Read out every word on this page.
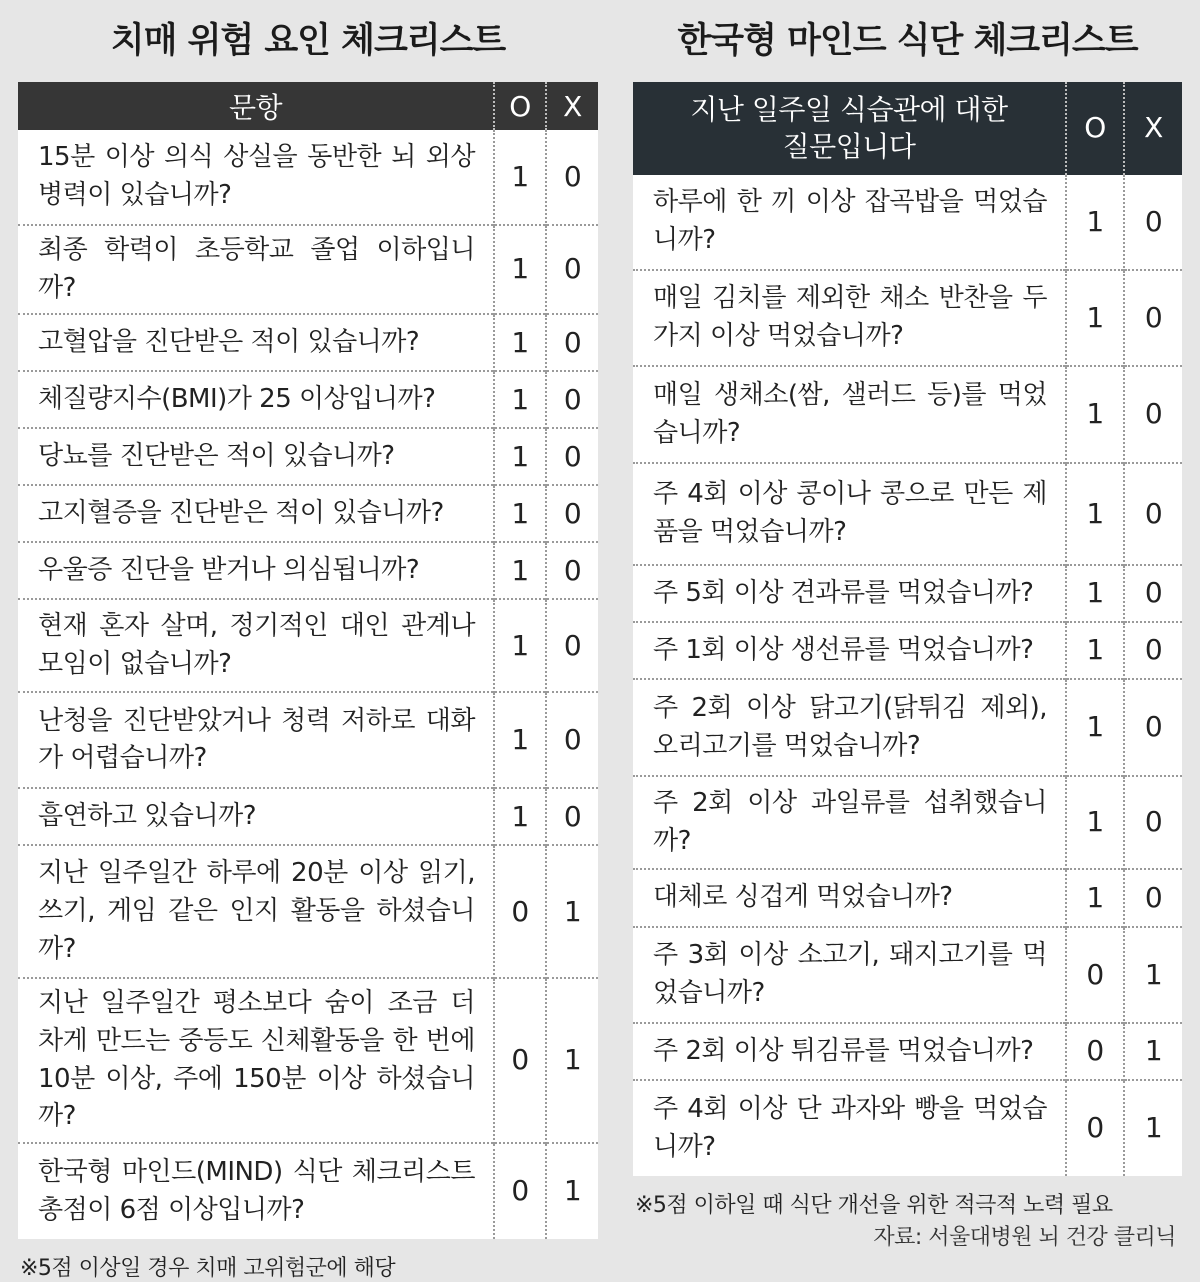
치매 위험 요인 체크리스트
문항	O	X
15분 이상 의식 상실을 동반한 뇌 외상 병력이 있습니까?	1	0
최종 학력이 초등학교 졸업 이하입니까?	1	0
고혈압을 진단받은 적이 있습니까?	1	0
체질량지수(BMI)가 25 이상입니까?	1	0
당뇨를 진단받은 적이 있습니까?	1	0
고지혈증을 진단받은 적이 있습니까?	1	0
우울증 진단을 받거나 의심됩니까?	1	0
현재 혼자 살며, 정기적인 대인 관계나 모임이 없습니까?	1	0
난청을 진단받았거나 청력 저하로 대화가 어렵습니까?	1	0
흡연하고 있습니까?	1	0
지난 일주일간 하루에 20분 이상 읽기, 쓰기, 게임 같은 인지 활동을 하셨습니까?	0	1
지난 일주일간 평소보다 숨이 조금 더 차게 만드는 중등도 신체활동을 한 번에 10분 이상, 주에 150분 이상 하셨습니까?	0	1
한국형 마인드(MIND) 식단 체크리스트 총점이 6점 이상입니까?	0	1
※5점 이상일 경우 치매 고위험군에 해당
한국형 마인드 식단 체크리스트
지난 일주일 식습관에 대한 질문입니다	O	X
하루에 한 끼 이상 잡곡밥을 먹었습니까?	1	0
매일 김치를 제외한 채소 반찬을 두 가지 이상 먹었습니까?	1	0
매일 생채소(쌈, 샐러드 등)를 먹었습니까?	1	0
주 4회 이상 콩이나 콩으로 만든 제품을 먹었습니까?	1	0
주 5회 이상 견과류를 먹었습니까?	1	0
주 1회 이상 생선류를 먹었습니까?	1	0
주 2회 이상 닭고기(닭튀김 제외), 오리고기를 먹었습니까?	1	0
주 2회 이상 과일류를 섭취했습니까?	1	0
대체로 싱겁게 먹었습니까?	1	0
주 3회 이상 소고기, 돼지고기를 먹었습니까?	0	1
주 2회 이상 튀김류를 먹었습니까?	0	1
주 4회 이상 단 과자와 빵을 먹었습니까?	0	1
※5점 이하일 때 식단 개선을 위한 적극적 노력 필요
자료: 서울대병원 뇌 건강 클리닉
